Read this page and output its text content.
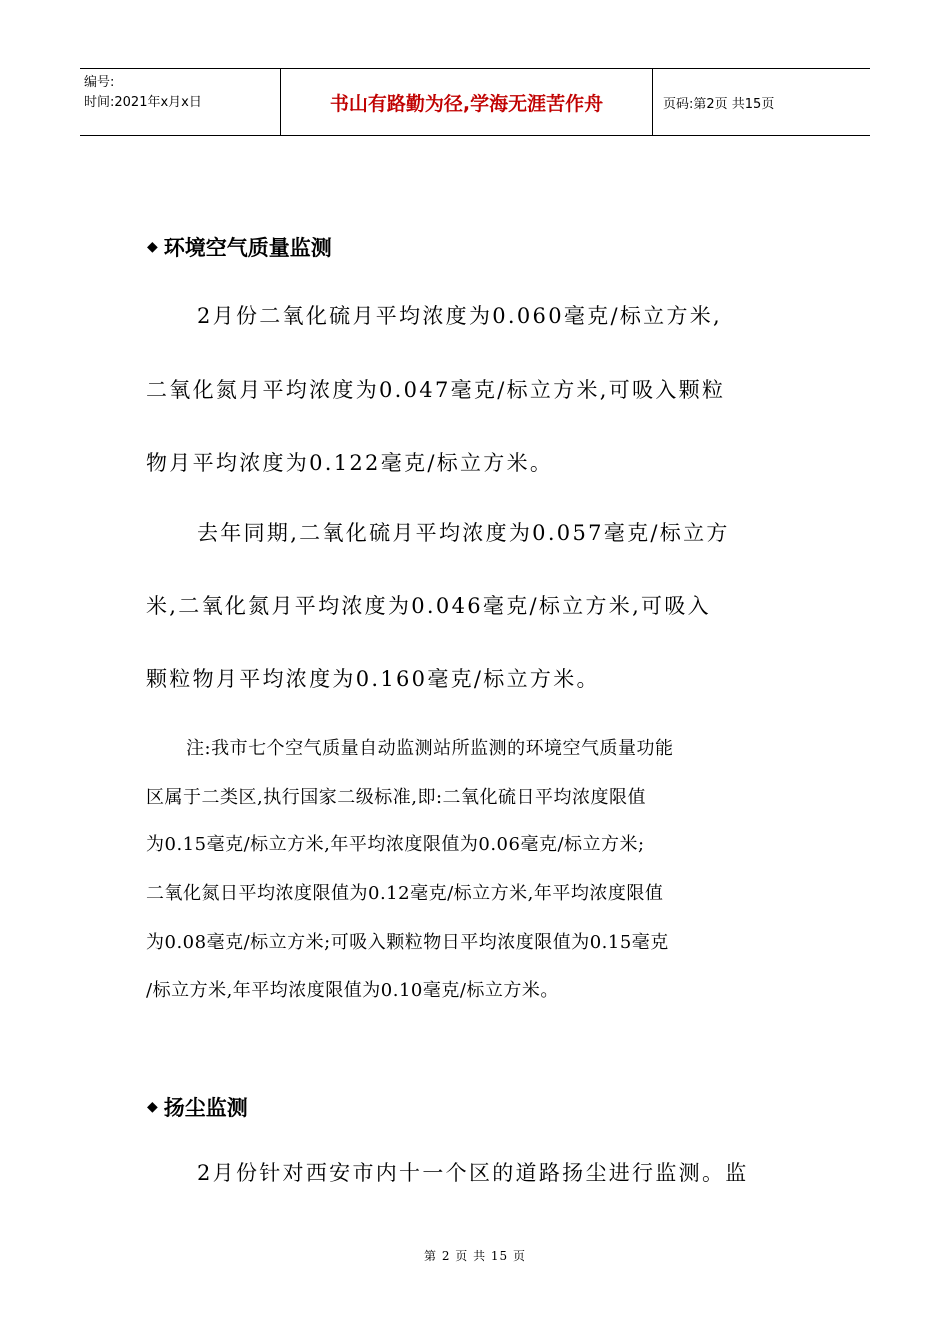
编号:
时间:2021年x月x日	书山有路勤为径,学海无涯苦作舟	页码:第2页 共15页
◆ 环境空气质量监测
2月份二氧化硫月平均浓度为0.060毫克/标立方米,
二氧化氮月平均浓度为0.047毫克/标立方米,可吸入颗粒
物月平均浓度为0.122毫克/标立方米。
去年同期,二氧化硫月平均浓度为0.057毫克/标立方
米,二氧化氮月平均浓度为0.046毫克/标立方米,可吸入
颗粒物月平均浓度为0.160毫克/标立方米。
注:我市七个空气质量自动监测站所监测的环境空气质量功能
区属于二类区,执行国家二级标准,即:二氧化硫日平均浓度限值
为0.15毫克/标立方米,年平均浓度限值为0.06毫克/标立方米;
二氧化氮日平均浓度限值为0.12毫克/标立方米,年平均浓度限值
为0.08毫克/标立方米;可吸入颗粒物日平均浓度限值为0.15毫克
/标立方米,年平均浓度限值为0.10毫克/标立方米。
◆ 扬尘监测
2月份针对西安市内十一个区的道路扬尘进行监测。监
第 2 页 共 15 页
